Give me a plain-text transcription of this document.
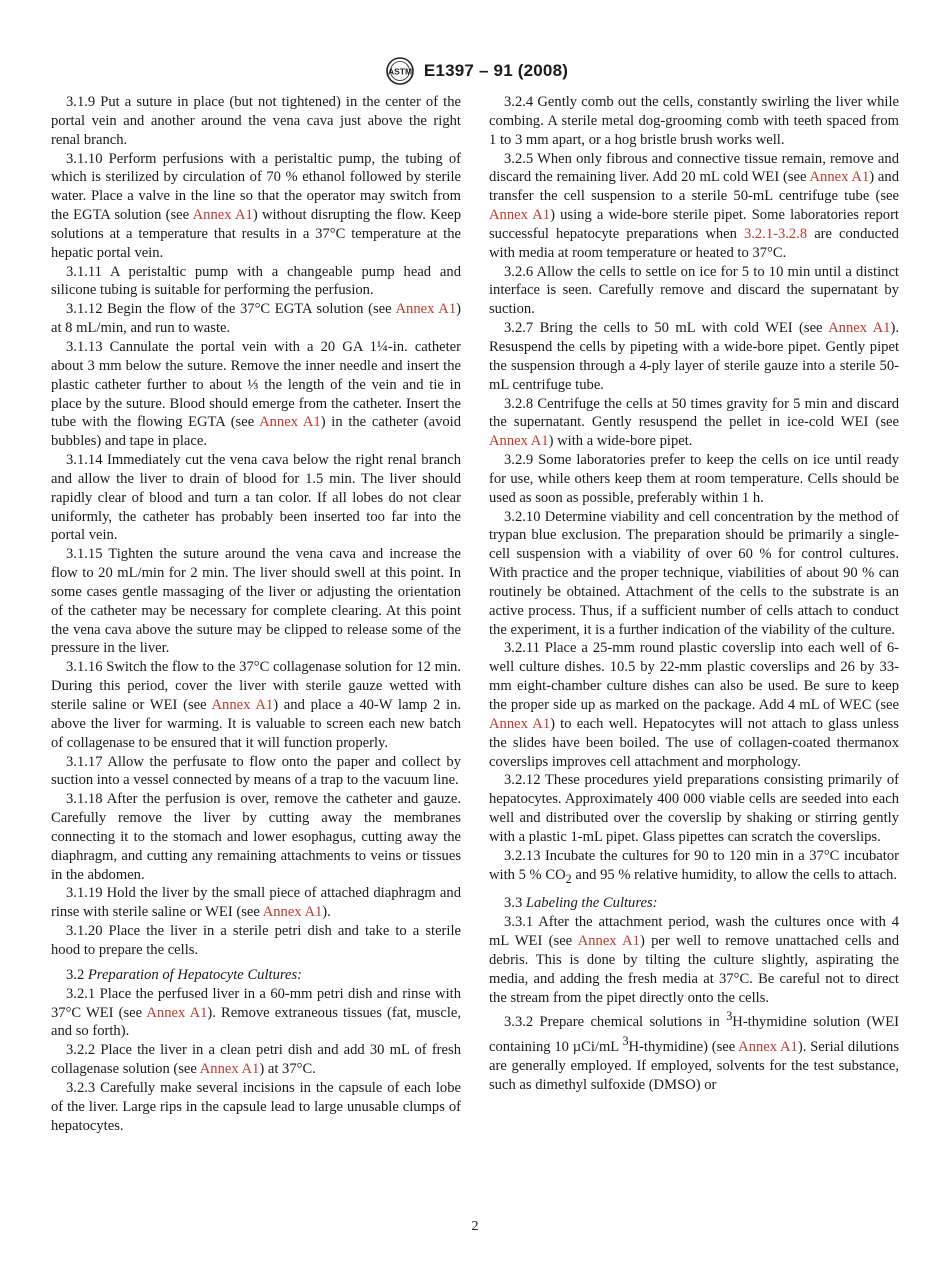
ASTM E1397 – 91 (2008)

3.1.9 Put a suture in place (but not tightened) in the center of the portal vein and another around the vena cava just above the right renal branch.

3.1.10 Perform perfusions with a peristaltic pump, the tubing of which is sterilized by circulation of 70 % ethanol followed by sterile water. Place a valve in the line so that the operator may switch from the EGTA solution (see Annex A1) without disrupting the flow. Keep solutions at a temperature that results in a 37°C temperature at the hepatic portal vein.

3.1.11 A peristaltic pump with a changeable pump head and silicone tubing is suitable for performing the perfusion.

3.1.12 Begin the flow of the 37°C EGTA solution (see Annex A1) at 8 mL/min, and run to waste.

3.1.13 Cannulate the portal vein with a 20 GA 1¼-in. catheter about 3 mm below the suture. Remove the inner needle and insert the plastic catheter further to about ⅓ the length of the vein and tie in place by the suture. Blood should emerge from the catheter. Insert the tube with the flowing EGTA (see Annex A1) in the catheter (avoid bubbles) and tape in place.

3.1.14 Immediately cut the vena cava below the right renal branch and allow the liver to drain of blood for 1.5 min. The liver should rapidly clear of blood and turn a tan color. If all lobes do not clear uniformly, the catheter has probably been inserted too far into the portal vein.

3.1.15 Tighten the suture around the vena cava and increase the flow to 20 mL/min for 2 min. The liver should swell at this point. In some cases gentle massaging of the liver or adjusting the orientation of the catheter may be necessary for complete clearing. At this point the vena cava above the suture may be clipped to release some of the pressure in the liver.

3.1.16 Switch the flow to the 37°C collagenase solution for 12 min. During this period, cover the liver with sterile gauze wetted with sterile saline or WEI (see Annex A1) and place a 40-W lamp 2 in. above the liver for warming. It is valuable to screen each new batch of collagenase to be ensured that it will function properly.

3.1.17 Allow the perfusate to flow onto the paper and collect by suction into a vessel connected by means of a trap to the vacuum line.

3.1.18 After the perfusion is over, remove the catheter and gauze. Carefully remove the liver by cutting away the membranes connecting it to the stomach and lower esophagus, cutting away the diaphragm, and cutting any remaining attachments to veins or tissues in the abdomen.

3.1.19 Hold the liver by the small piece of attached diaphragm and rinse with sterile saline or WEI (see Annex A1).

3.1.20 Place the liver in a sterile petri dish and take to a sterile hood to prepare the cells.

3.2 Preparation of Hepatocyte Cultures:

3.2.1 Place the perfused liver in a 60-mm petri dish and rinse with 37°C WEI (see Annex A1). Remove extraneous tissues (fat, muscle, and so forth).

3.2.2 Place the liver in a clean petri dish and add 30 mL of fresh collagenase solution (see Annex A1) at 37°C.

3.2.3 Carefully make several incisions in the capsule of each lobe of the liver. Large rips in the capsule lead to large unusable clumps of hepatocytes.

3.2.4 Gently comb out the cells, constantly swirling the liver while combing. A sterile metal dog-grooming comb with teeth spaced from 1 to 3 mm apart, or a hog bristle brush works well.

3.2.5 When only fibrous and connective tissue remain, remove and discard the remaining liver. Add 20 mL cold WEI (see Annex A1) and transfer the cell suspension to a sterile 50-mL centrifuge tube (see Annex A1) using a wide-bore sterile pipet. Some laboratories report successful hepatocyte preparations when 3.2.1-3.2.8 are conducted with media at room temperature or heated to 37°C.

3.2.6 Allow the cells to settle on ice for 5 to 10 min until a distinct interface is seen. Carefully remove and discard the supernatant by suction.

3.2.7 Bring the cells to 50 mL with cold WEI (see Annex A1). Resuspend the cells by pipeting with a wide-bore pipet. Gently pipet the suspension through a 4-ply layer of sterile gauze into a sterile 50-mL centrifuge tube.

3.2.8 Centrifuge the cells at 50 times gravity for 5 min and discard the supernatant. Gently resuspend the pellet in ice-cold WEI (see Annex A1) with a wide-bore pipet.

3.2.9 Some laboratories prefer to keep the cells on ice until ready for use, while others keep them at room temperature. Cells should be used as soon as possible, preferably within 1 h.

3.2.10 Determine viability and cell concentration by the method of trypan blue exclusion. The preparation should be primarily a single-cell suspension with a viability of over 60 % for control cultures. With practice and the proper technique, viabilities of about 90 % can routinely be obtained. Attachment of the cells to the substrate is an active process. Thus, if a sufficient number of cells attach to conduct the experiment, it is a further indication of the viability of the culture.

3.2.11 Place a 25-mm round plastic coverslip into each well of 6-well culture dishes. 10.5 by 22-mm plastic coverslips and 26 by 33-mm eight-chamber culture dishes can also be used. Be sure to keep the proper side up as marked on the package. Add 4 mL of WEC (see Annex A1) to each well. Hepatocytes will not attach to glass unless the slides have been boiled. The use of collagen-coated thermanox coverslips improves cell attachment and morphology.

3.2.12 These procedures yield preparations consisting primarily of hepatocytes. Approximately 400 000 viable cells are seeded into each well and distributed over the coverslip by shaking or stirring gently with a plastic 1-mL pipet. Glass pipettes can scratch the coverslips.

3.2.13 Incubate the cultures for 90 to 120 min in a 37°C incubator with 5 % $CO_2$ and 95 % relative humidity, to allow the cells to attach.

3.3 Labeling the Cultures:

3.3.1 After the attachment period, wash the cultures once with 4 mL WEI (see Annex A1) per well to remove unattached cells and debris. This is done by tilting the culture slightly, aspirating the media, and adding the fresh media at 37°C. Be careful not to direct the stream from the pipet directly onto the cells.

3.3.2 Prepare chemical solutions in $^3$H-thymidine solution (WEI containing 10 µCi/mL $^3$H-thymidine) (see Annex A1). Serial dilutions are generally employed. If employed, solvents for the test substance, such as dimethyl sulfoxide (DMSO) or

2
